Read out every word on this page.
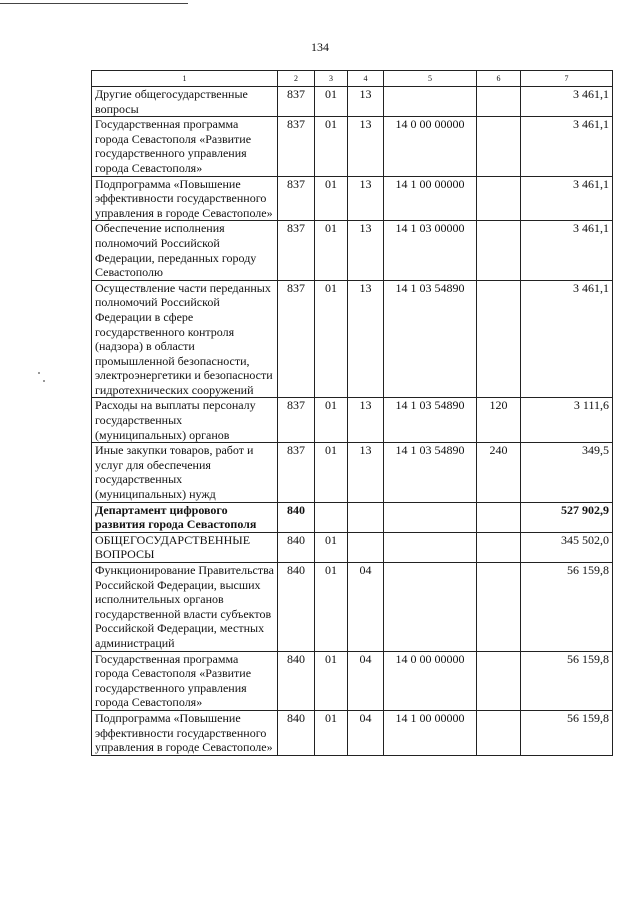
134
1	2	3	4	5	6	7
Другие общегосударственные вопросы	837	01	13			3 461,1
Государственная программа города Севастополя «Развитие государственного управления города Севастополя»	837	01	13	14 0 00 00000		3 461,1
Подпрограмма «Повышение эффективности государственного управления в городе Севастополе»	837	01	13	14 1 00 00000		3 461,1
Обеспечение исполнения полномочий Российской Федерации, переданных городу Севастополю	837	01	13	14 1 03 00000		3 461,1
Осуществление части переданных полномочий Российской Федерации в сфере государственного контроля (надзора) в области промышленной безопасности, электроэнергетики и безопасности гидротехнических сооружений	837	01	13	14 1 03 54890		3 461,1
Расходы на выплаты персоналу государственных (муниципальных) органов	837	01	13	14 1 03 54890	120	3 111,6
Иные закупки товаров, работ и услуг для обеспечения государственных (муниципальных) нужд	837	01	13	14 1 03 54890	240	349,5
Департамент цифрового развития города Севастополя	840					527 902,9
ОБЩЕГОСУДАРСТВЕННЫЕ ВОПРОСЫ	840	01				345 502,0
Функционирование Правительства Российской Федерации, высших исполнительных органов государственной власти субъектов Российской Федерации, местных администраций	840	01	04			56 159,8
Государственная программа города Севастополя «Развитие государственного управления города Севастополя»	840	01	04	14 0 00 00000		56 159,8
Подпрограмма «Повышение эффективности государственного управления в городе Севастополе»	840	01	04	14 1 00 00000		56 159,8
